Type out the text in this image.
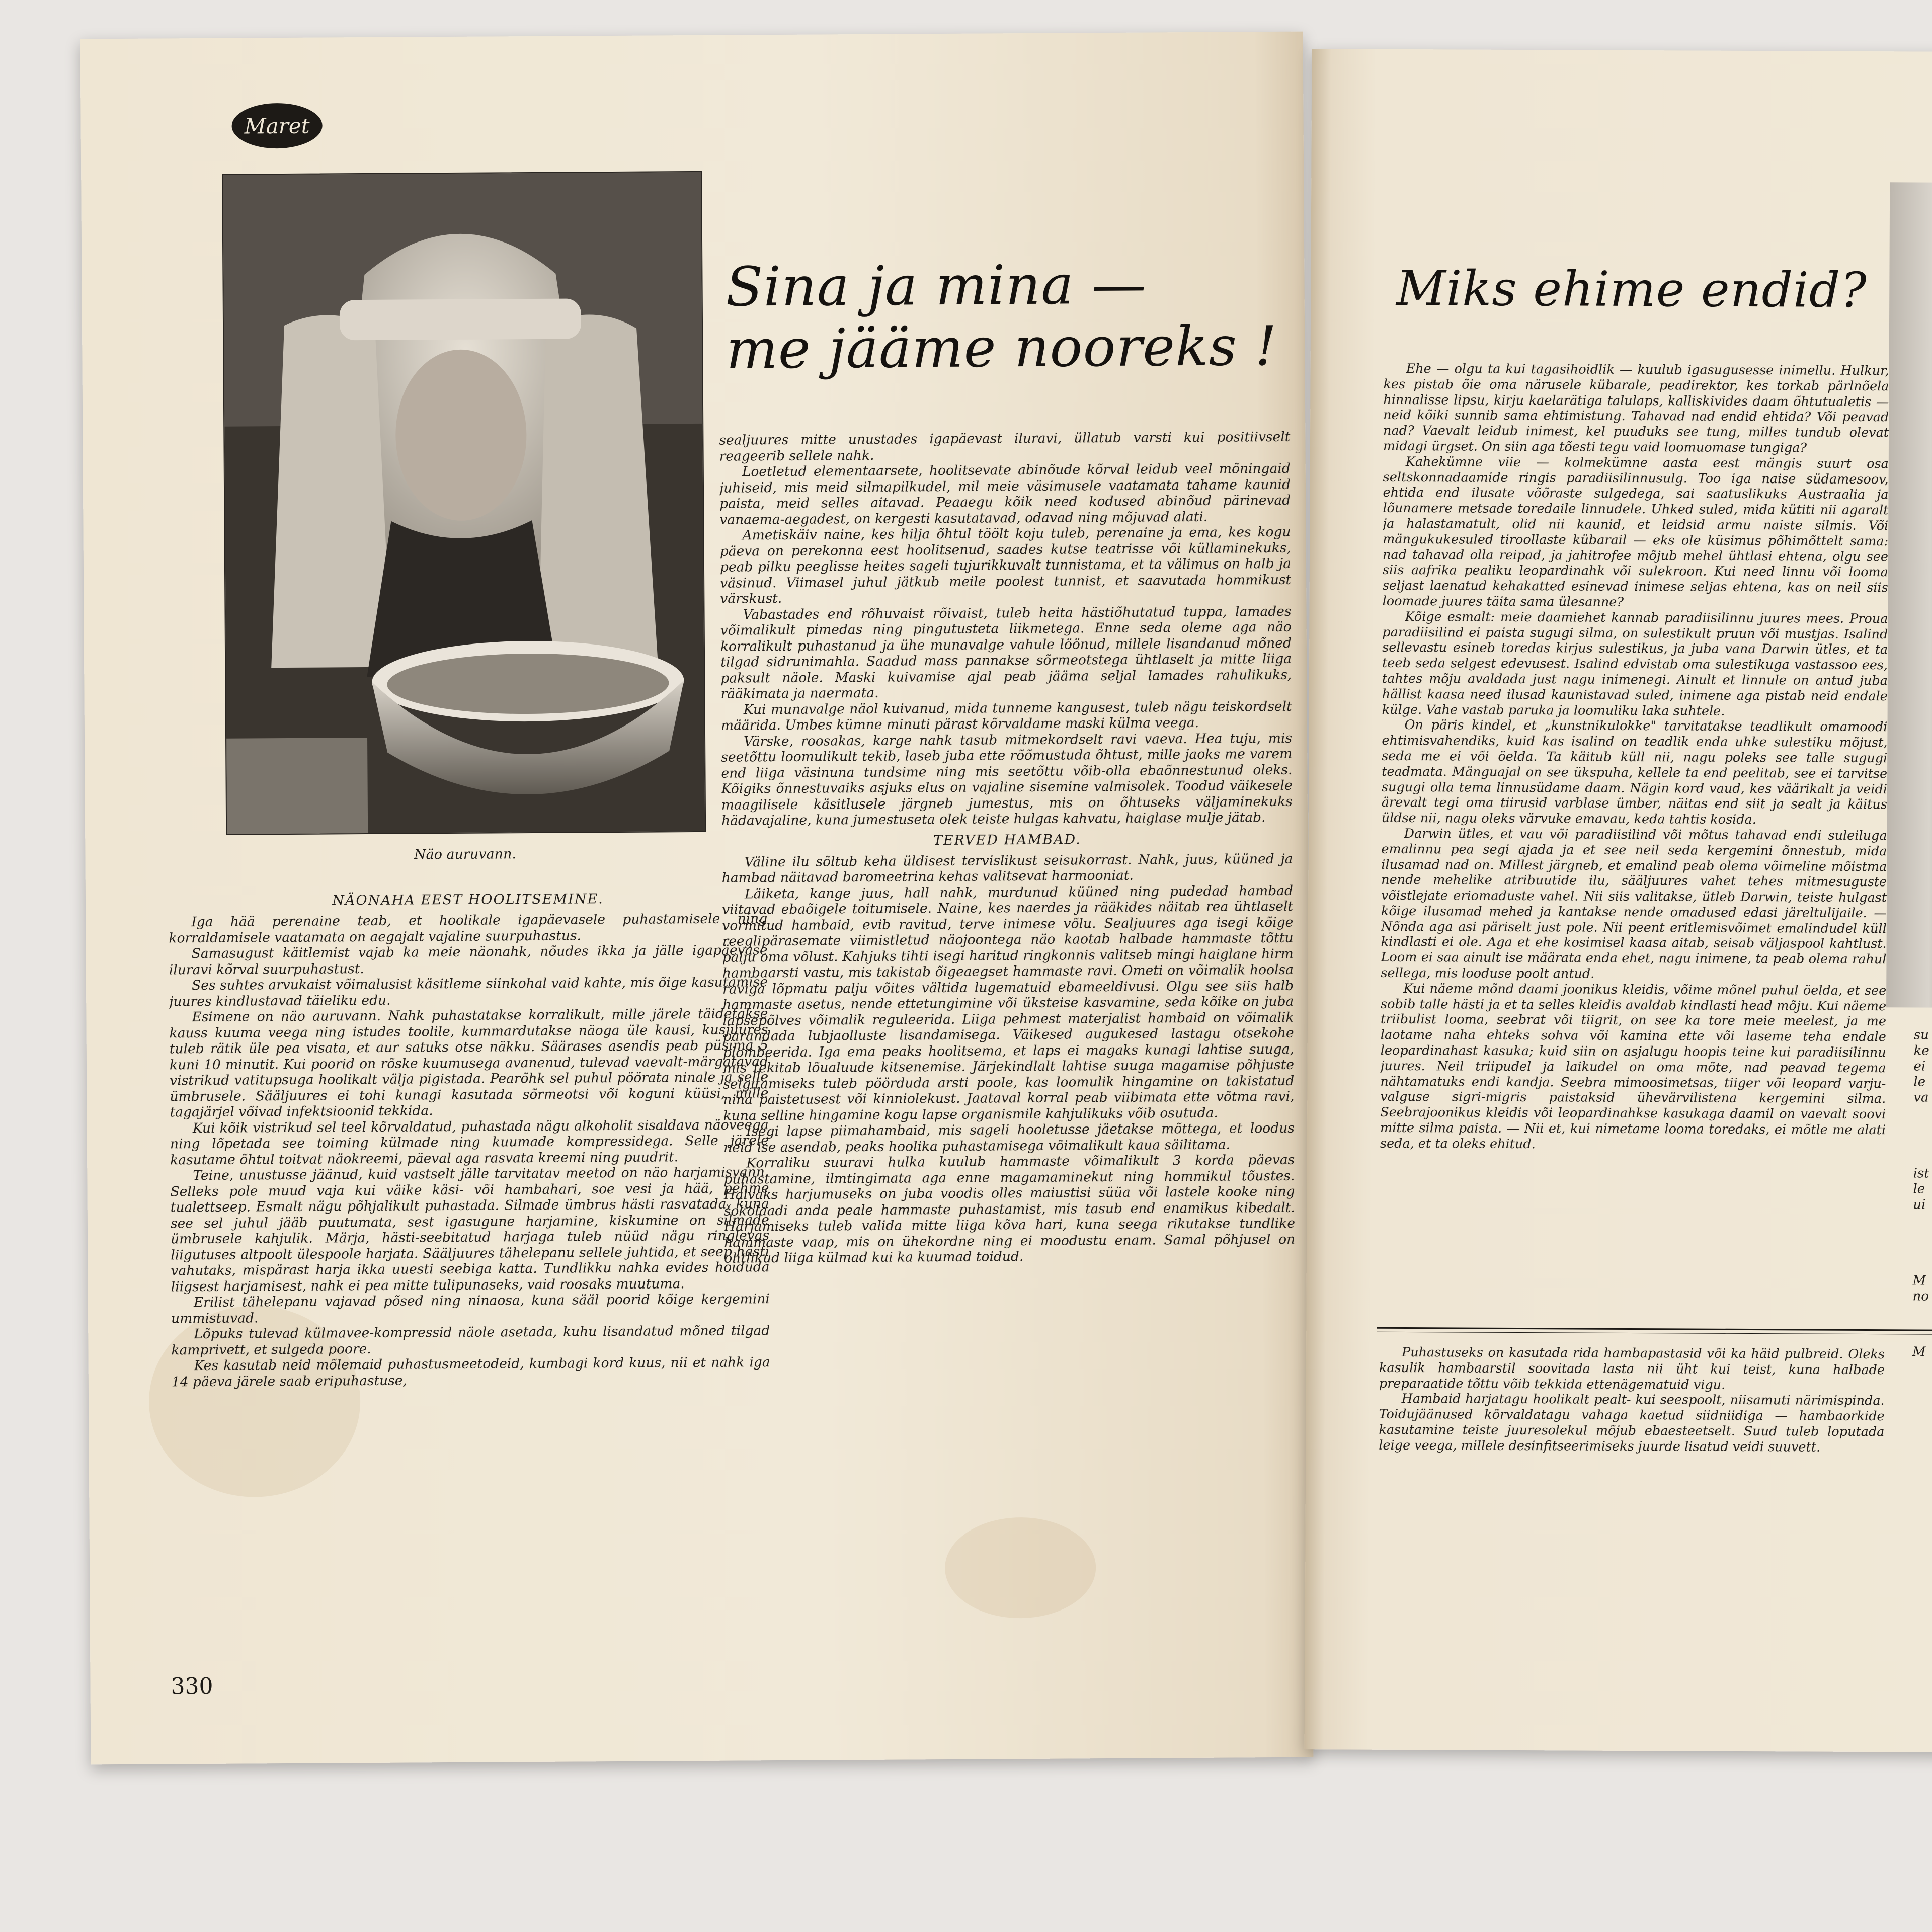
Maret
Näo auruvann.
Sina ja mina —
me jääme nooreks !
NÄONAHA EEST HOOLITSEMINE.

Iga hää perenaine teab, et hoolikale igapäevasele puhastamisele ning korraldamisele vaatamata on aegajalt vajaline suurpuhastus.

Samasugust käitlemist vajab ka meie näonahk, nõudes ikka ja jälle igapäevase iluravi kõrval suurpuhastust.

Ses suhtes arvukaist võimalusist käsitleme siinkohal vaid kahte, mis õige kasutamise juures kindlustavad täieliku edu.

Esimene on näo auruvann. Nahk puhastatakse korralikult, mille järele täidetakse kauss kuuma veega ning istudes toolile, kummardutakse näoga üle kausi, kusjuures tuleb rätik üle pea visata, et aur satuks otse näkku. Säärases asendis peab püsima 5 kuni 10 minutit. Kui poorid on rõske kuumusega avanenud, tulevad vaevalt-märgatavad vistrikud vatitupsuga hoolikalt välja pigistada. Pearõhk sel puhul pöörata ninale ja selle ümbrusele. Sääljuures ei tohi kunagi kasutada sõrmeotsi või koguni küüsi, mille tagajärjel võivad infektsioonid tekkida.

Kui kõik vistrikud sel teel kõrvaldatud, puhastada nägu alkoholit sisaldava näoveega ning lõpetada see toiming külmade ning kuumade kompressidega. Selle järele kasutame õhtul toitvat näokreemi, päeval aga rasvata kreemi ning puudrit.

Teine, unustusse jäänud, kuid vastselt jälle tarvitatav meetod on näo harjamisvann. Selleks pole muud vaja kui väike käsi- või hambahari, soe vesi ja hää, pehme tualettseep. Esmalt nägu põhjalikult puhastada. Silmade ümbrus hästi rasvatada, kuna see sel juhul jääb puutumata, sest igasugune harjamine, kiskumine on silmade ümbrusele kahjulik. Märja, hästi-seebitatud harjaga tuleb nüüd nägu ringlevas liigutuses altpoolt ülespoole harjata. Sääljuures tähelepanu sellele juhtida, et seep hästi vahutaks, mispärast harja ikka uuesti seebiga katta. Tundlikku nahka evides hoiduda liigsest harjamisest, nahk ei pea mitte tulipunaseks, vaid roosaks muutuma.

Erilist tähelepanu vajavad põsed ning ninaosa, kuna sääl poorid kõige kergemini ummistuvad.

Lõpuks tulevad külmavee-kompressid näole asetada, kuhu lisandatud mõned tilgad kamprivett, et sulgeda poore.

Kes kasutab neid mõlemaid puhastusmeetodeid, kumbagi kord kuus, nii et nahk iga 14 päeva järele saab eripuhastuse,

sealjuures mitte unustades igapäevast iluravi, üllatub varsti kui positiivselt reageerib sellele nahk.

Loetletud elementaarsete, hoolitsevate abinõude kõrval leidub veel mõningaid juhiseid, mis meid silmapilkudel, mil meie väsimusele vaatamata tahame kaunid paista, meid selles aitavad. Peaaegu kõik need kodused abinõud pärinevad vanaema-aegadest, on kergesti kasutatavad, odavad ning mõjuvad alati.

Ametiskäiv naine, kes hilja õhtul töölt koju tuleb, perenaine ja ema, kes kogu päeva on perekonna eest hoolitsenud, saades kutse teatrisse või küllaminekuks, peab pilku peeglisse heites sageli tujurikkuvalt tunnistama, et ta välimus on halb ja väsinud. Viimasel juhul jätkub meile poolest tunnist, et saavutada hommikust värskust.

Vabastades end rõhuvaist rõivaist, tuleb heita hästiõhutatud tuppa, lamades võimalikult pimedas ning pingutusteta liikmetega. Enne seda oleme aga näo korralikult puhastanud ja ühe munavalge vahule löönud, millele lisandanud mõned tilgad sidrunimahla. Saadud mass pannakse sõrmeotstega ühtlaselt ja mitte liiga paksult näole. Maski kuivamise ajal peab jääma seljal lamades rahulikuks, rääkimata ja naermata.

Kui munavalge näol kuivanud, mida tunneme kangusest, tuleb nägu teiskordselt määrida. Umbes kümne minuti pärast kõrvaldame maski külma veega.

Värske, roosakas, karge nahk tasub mitmekordselt ravi vaeva. Hea tuju, mis seetõttu loomulikult tekib, laseb juba ette rõõmustuda õhtust, mille jaoks me varem end liiga väsinuna tundsime ning mis seetõttu võib-olla ebaõnnestunud oleks. Kõigiks õnnestuvaiks asjuks elus on vajaline sisemine valmisolek. Toodud väikesele maagilisele käsitlusele järgneb jumestus, mis on õhtuseks väljaminekuks hädavajaline, kuna jumestuseta olek teiste hulgas kahvatu, haiglase mulje jätab.

TERVED HAMBAD.

Väline ilu sõltub keha üldisest tervislikust seisukorrast. Nahk, juus, küüned ja hambad näitavad baromeetrina kehas valitsevat harmooniat.

Läiketa, kange juus, hall nahk, murdunud küüned ning pudedad hambad viitavad ebaõigele toitumisele. Naine, kes naerdes ja rääkides näitab rea ühtlaselt vormitud hambaid, evib ravitud, terve inimese võlu. Sealjuures aga isegi kõige reeglipärasemate viimistletud näojoontega näo kaotab halbade hammaste tõttu palju oma võlust. Kahjuks tihti isegi haritud ringkonnis valitseb mingi haiglane hirm hambaarsti vastu, mis takistab õigeaegset hammaste ravi. Ometi on võimalik hoolsa raviga lõpmatu palju võites vältida lugematuid ebameeldivusi. Olgu see siis halb hammaste asetus, nende ettetungimine või üksteise kasvamine, seda kõike on juba lapsepõlves võimalik reguleerida. Liiga pehmest materjalist hambaid on võimalik parandada lubjaolluste lisandamisega. Väikesed augukesed lastagu otsekohe plombeerida. Iga ema peaks hoolitsema, et laps ei magaks kunagi lahtise suuga, mis tekitab lõualuude kitsenemise. Järjekindlalt lahtise suuga magamise põhjuste selgitamiseks tuleb pöörduda arsti poole, kas loomulik hingamine on takistatud nina paistetusest või kinniolekust. Jaataval korral peab viibimata ette võtma ravi, kuna selline hingamine kogu lapse organismile kahjulikuks võib osutuda.

Isegi lapse piimahambaid, mis sageli hooletusse jäetakse mõttega, et loodus neid ise asendab, peaks hoolika puhastamisega võimalikult kaua säilitama.

Korraliku suuravi hulka kuulub hammaste võimalikult 3 korda päevas puhastamine, ilmtingimata aga enne magamaminekut ning hommikul tõustes. Halvaks harjumuseks on juba voodis olles maiustisi süüa või lastele kooke ning šokolaadi anda peale hammaste puhastamist, mis tasub end enamikus kibedalt. Harjamiseks tuleb valida mitte liiga kõva hari, kuna seega rikutakse tundlike hammaste vaap, mis on ühekordne ning ei moodustu enam. Samal põhjusel on ohtlikud liiga külmad kui ka kuumad toidud.

330
Miks ehime endid?

Ehe — olgu ta kui tagasihoidlik — kuulub igasugusesse inimellu. Hulkur, kes pistab õie oma närusele kübarale, peadirektor, kes torkab pärlnõela hinnalisse lipsu, kirju kaelarätiga talulaps, kalliskivides daam õhtutualetis — neid kõiki sunnib sama ehtimistung. Tahavad nad endid ehtida? Või peavad nad? Vaevalt leidub inimest, kel puuduks see tung, milles tundub olevat midagi ürgset. On siin aga tõesti tegu vaid loomuomase tungiga?

Kahekümne viie — kolmekümne aasta eest mängis suurt osa seltskonnadaamide ringis paradiisilinnusulg. Too iga naise südamesoov, ehtida end ilusate võõraste sulgedega, sai saatuslikuks Austraalia ja lõunamere metsade toredaile linnudele. Uhked suled, mida kütiti nii agaralt ja halastamatult, olid nii kaunid, et leidsid armu naiste silmis. Või mängukukesuled tiroollaste kübarail — eks ole küsimus põhimõttelt sama: nad tahavad olla reipad, ja jahitrofee mõjub mehel ühtlasi ehtena, olgu see siis aafrika pealiku leopardinahk või sulekroon. Kui need linnu või looma seljast laenatud kehakatted esinevad inimese seljas ehtena, kas on neil siis loomade juures täita sama ülesanne?

Kõige esmalt: meie daamiehet kannab paradiisilinnu juures mees. Proua paradiisilind ei paista sugugi silma, on sulestikult pruun või mustjas. Isalind sellevastu esineb toredas kirjus sulestikus, ja juba vana Darwin ütles, et ta teeb seda selgest edevusest. Isalind edvistab oma sulestikuga vastassoo ees, tahtes mõju avaldada just nagu inimenegi. Ainult et linnule on antud juba hällist kaasa need ilusad kaunistavad suled, inimene aga pistab neid endale külge. Vahe vastab paruka ja loomuliku laka suhtele.

On päris kindel, et „kunstnikulokke" tarvitatakse teadlikult omamoodi ehtimisvahendiks, kuid kas isalind on teadlik enda uhke sulestiku mõjust, seda me ei või öelda. Ta käitub küll nii, nagu poleks see talle sugugi teadmata. Mänguajal on see ükspuha, kellele ta end peelitab, see ei tarvitse sugugi olla tema linnusüdame daam. Nägin kord vaud, kes väärikalt ja veidi ärevalt tegi oma tiirusid varblase ümber, näitas end siit ja sealt ja käitus üldse nii, nagu oleks värvuke emavau, keda tahtis kosida.

Darwin ütles, et vau või paradiisilind või mõtus tahavad endi suleiluga emalinnu pea segi ajada ja et see neil seda kergemini õnnestub, mida ilusamad nad on. Millest järgneb, et emalind peab olema võimeline mõistma nende mehelike atribuutide ilu, sääljuures vahet tehes mitmesuguste võistlejate eriomaduste vahel. Nii siis valitakse, ütleb Darwin, teiste hulgast kõige ilusamad mehed ja kantakse nende omadused edasi järeltulijaile. — Nõnda aga asi päriselt just pole. Nii peent eritlemisvõimet emalindudel küll kindlasti ei ole. Aga et ehe kosimisel kaasa aitab, seisab väljaspool kahtlust. Loom ei saa ainult ise määrata enda ehet, nagu inimene, ta peab olema rahul sellega, mis looduse poolt antud.

Kui näeme mõnd daami joonikus kleidis, võime mõnel puhul öelda, et see sobib talle hästi ja et ta selles kleidis avaldab kindlasti head mõju. Kui näeme triibulist looma, seebrat või tiigrit, on see ka tore meie meelest, ja me laotame naha ehteks sohva või kamina ette või laseme teha endale leopardinahast kasuka; kuid siin on asjalugu hoopis teine kui paradiisilinnu juures. Neil triipudel ja laikudel on oma mõte, nad peavad tegema nähtamatuks endi kandja. Seebra mimoosimetsas, tiiger või leopard varju-valguse sigri-migris paistaksid ühevärvilistena kergemini silma. Seebrajoonikus kleidis või leopardinahkse kasukaga daamil on vaevalt soovi mitte silma paista. — Nii et, kui nimetame looma toredaks, ei mõtle me alati seda, et ta oleks ehitud.

su
ke
ei
le
va
ist
le
ui
M
no
M

Puhastuseks on kasutada rida hambapastasid või ka häid pulbreid. Oleks kasulik hambaarstil soovitada lasta nii üht kui teist, kuna halbade preparaatide tõttu võib tekkida ettenägematuid vigu.

Hambaid harjatagu hoolikalt pealt- kui seespoolt, niisamuti närimispinda. Toidujäänused kõrvaldatagu vahaga kaetud siidniidiga — hambaorkide kasutamine teiste juuresolekul mõjub ebaesteetselt. Suud tuleb loputada leige veega, millele desinfitseerimiseks juurde lisatud veidi suuvett.
